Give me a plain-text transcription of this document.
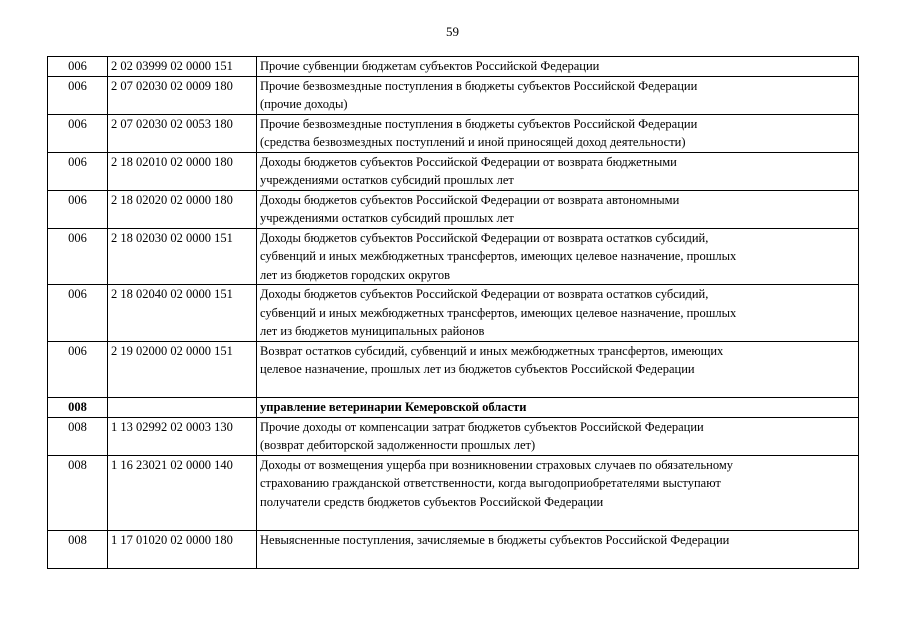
59
006	2 02 03999 02 0000 151	Прочие субвенции бюджетам субъектов Российской Федерации

006	2 07 02030 02 0009 180	Прочие безвозмездные поступления в бюджеты субъектов Российской Федерации
(прочие доходы)

006	2 07 02030 02 0053 180	Прочие безвозмездные поступления в бюджеты субъектов Российской Федерации
(средства безвозмездных поступлений и иной приносящей доход деятельности)

006	2 18 02010 02 0000 180	Доходы бюджетов субъектов Российской Федерации от возврата бюджетными
учреждениями остатков субсидий прошлых лет

006	2 18 02020 02 0000 180	Доходы бюджетов субъектов Российской Федерации от возврата автономными
учреждениями остатков субсидий прошлых лет

006	2 18 02030 02 0000 151	Доходы бюджетов субъектов Российской Федерации от возврата остатков субсидий,
субвенций и иных межбюджетных трансфертов, имеющих целевое назначение, прошлых
лет из бюджетов городских округов

006	2 18 02040 02 0000 151	Доходы бюджетов субъектов Российской Федерации от возврата остатков субсидий,
субвенций и иных межбюджетных трансфертов, имеющих целевое назначение, прошлых
лет из бюджетов муниципальных районов

006	2 19 02000 02 0000 151	Возврат остатков субсидий, субвенций и иных межбюджетных трансфертов, имеющих
целевое назначение, прошлых лет из бюджетов субъектов Российской Федерации

008		управление ветеринарии Кемеровской области

008	1 13 02992 02 0003 130	Прочие доходы от компенсации затрат бюджетов субъектов Российской Федерации
(возврат дебиторской задолженности прошлых лет)

008	1 16 23021 02 0000 140	Доходы от возмещения ущерба при возникновении страховых случаев по обязательному
страхованию гражданской ответственности, когда выгодоприобретателями выступают
получатели средств бюджетов субъектов Российской Федерации

008	1 17 01020 02 0000 180	Невыясненные поступления, зачисляемые в бюджеты субъектов Российской Федерации
